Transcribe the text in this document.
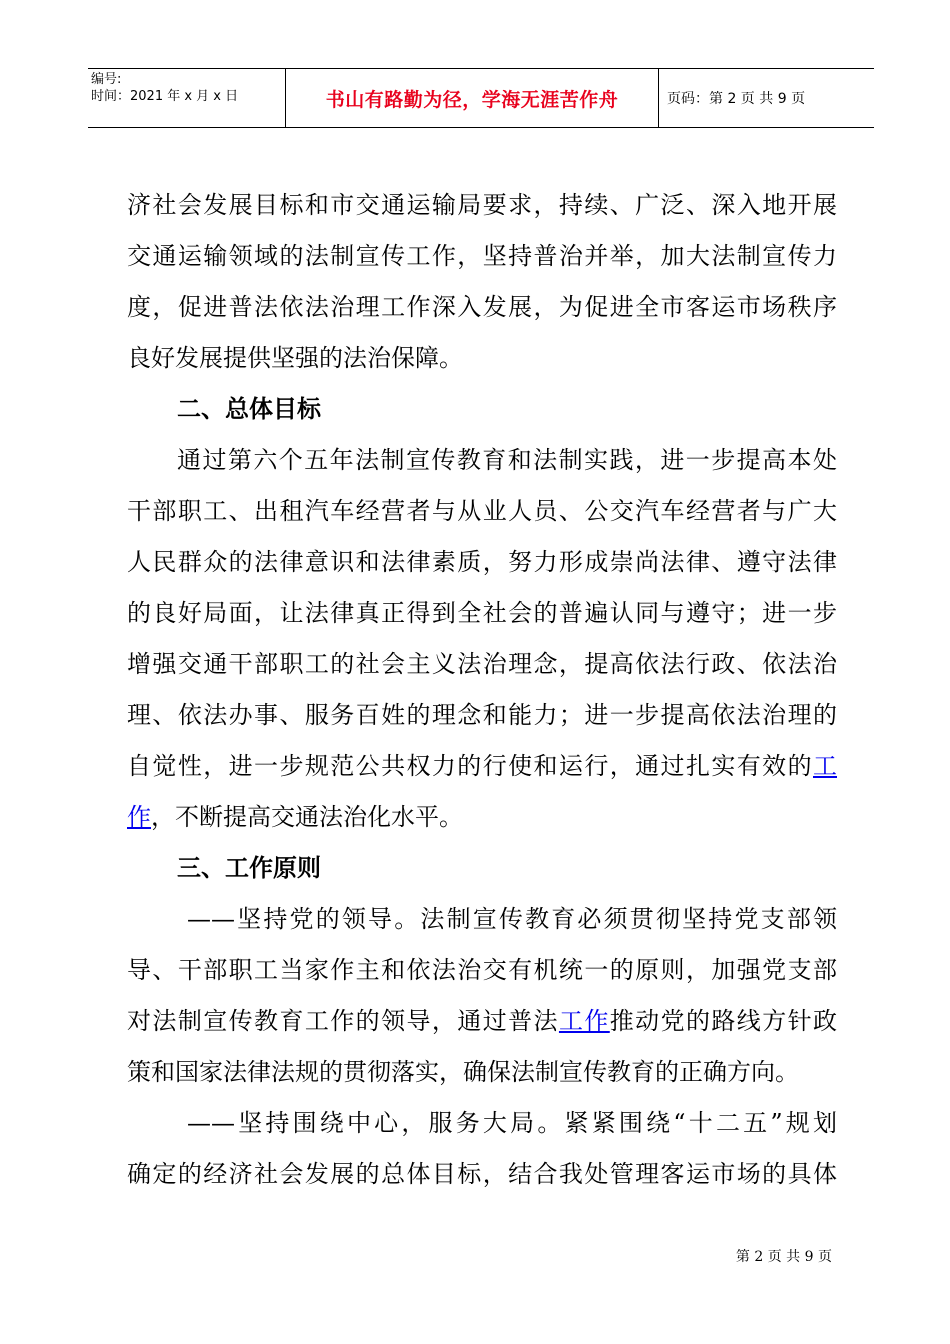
编号:
时间：2021 年 x 月 x 日	书山有路勤为径，学海无涯苦作舟	页码：第 2 页 共 9 页
济社会发展目标和市交通运输局要求，持续、广泛、深入地开展
交通运输领域的法制宣传工作，坚持普治并举，加大法制宣传力
度，促进普法依法治理工作深入发展，为促进全市客运市场秩序
良好发展提供坚强的法治保障。
二、总体目标
通过第六个五年法制宣传教育和法制实践，进一步提高本处
干部职工、出租汽车经营者与从业人员、公交汽车经营者与广大
人民群众的法律意识和法律素质，努力形成崇尚法律、遵守法律
的良好局面，让法律真正得到全社会的普遍认同与遵守；进一步
增强交通干部职工的社会主义法治理念，提高依法行政、依法治
理、依法办事、服务百姓的理念和能力；进一步提高依法治理的
自觉性，进一步规范公共权力的行使和运行，通过扎实有效的工
作，不断提高交通法治化水平。
三、工作原则
——坚持党的领导。法制宣传教育必须贯彻坚持党支部领
导、干部职工当家作主和依法治交有机统一的原则，加强党支部
对法制宣传教育工作的领导，通过普法工作推动党的路线方针政
策和国家法律法规的贯彻落实，确保法制宣传教育的正确方向。
——坚持围绕中心，服务大局。紧紧围绕“十二五”规划
确定的经济社会发展的总体目标，结合我处管理客运市场的具体
第 2 页 共 9 页
